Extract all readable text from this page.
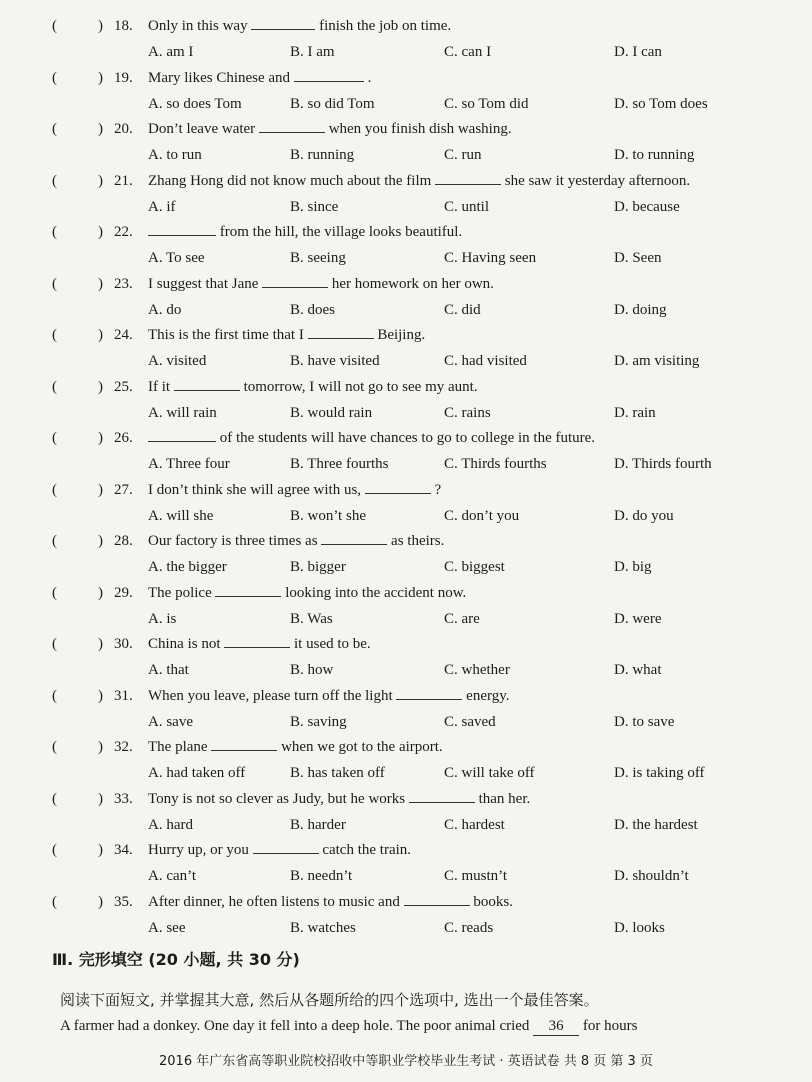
(	) 18. Only in this way	finish the job on time.
A. am I	B. I am	C. can I	D. I can
(	) 19. Mary likes Chinese and	.
A. so does Tom	B. so did Tom	C. so Tom did	D. so Tom does
(	) 20. Don’t leave water	when you finish dish washing.
A. to run	B. running	C. run	D. to running
(	) 21. Zhang Hong did not know much about the film	she saw it yesterday afternoon.
A. if	B. since	C. until	D. because
(	) 22.	from the hill, the village looks beautiful.
A. To see	B. seeing	C. Having seen	D. Seen
(	) 23. I suggest that Jane	her homework on her own.
A. do	B. does	C. did	D. doing
(	) 24. This is the first time that I	Beijing.
A. visited	B. have visited	C. had visited	D. am visiting
(	) 25. If it	tomorrow, I will not go to see my aunt.
A. will rain	B. would rain	C. rains	D. rain
(	) 26.	of the students will have chances to go to college in the future.
A. Three four	B. Three fourths	C. Thirds fourths	D. Thirds fourth
(	) 27. I don’t think she will agree with us,	?
A. will she	B. won’t she	C. don’t you	D. do you
(	) 28. Our factory is three times as	as theirs.
A. the bigger	B. bigger	C. biggest	D. big
(	) 29. The police	looking into the accident now.
A. is	B. Was	C. are	D. were
(	) 30. China is not	it used to be.
A. that	B. how	C. whether	D. what
(	) 31. When you leave, please turn off the light	energy.
A. save	B. saving	C. saved	D. to save
(	) 32. The plane	when we got to the airport.
A. had taken off	B. has taken off	C. will take off	D. is taking off
(	) 33. Tony is not so clever as Judy, but he works	than her.
A. hard	B. harder	C. hardest	D. the hardest
(	) 34. Hurry up, or you	catch the train.
A. can’t	B. needn’t	C. mustn’t	D. shouldn’t
(	) 35. After dinner, he often listens to music and	books.
A. see	B. watches	C. reads	D. looks
Ⅲ. 完形填空 (20 小题, 共 30 分)
阅读下面短文, 并掌握其大意, 然后从各题所给的四个选项中, 选出一个最佳答案。
A farmer had a donkey. One day it fell into a deep hole. The poor animal cried 36 for hours
2016 年广东省高等职业院校招收中等职业学校毕业生考试 · 英语试卷 共 8 页 第 3 页
